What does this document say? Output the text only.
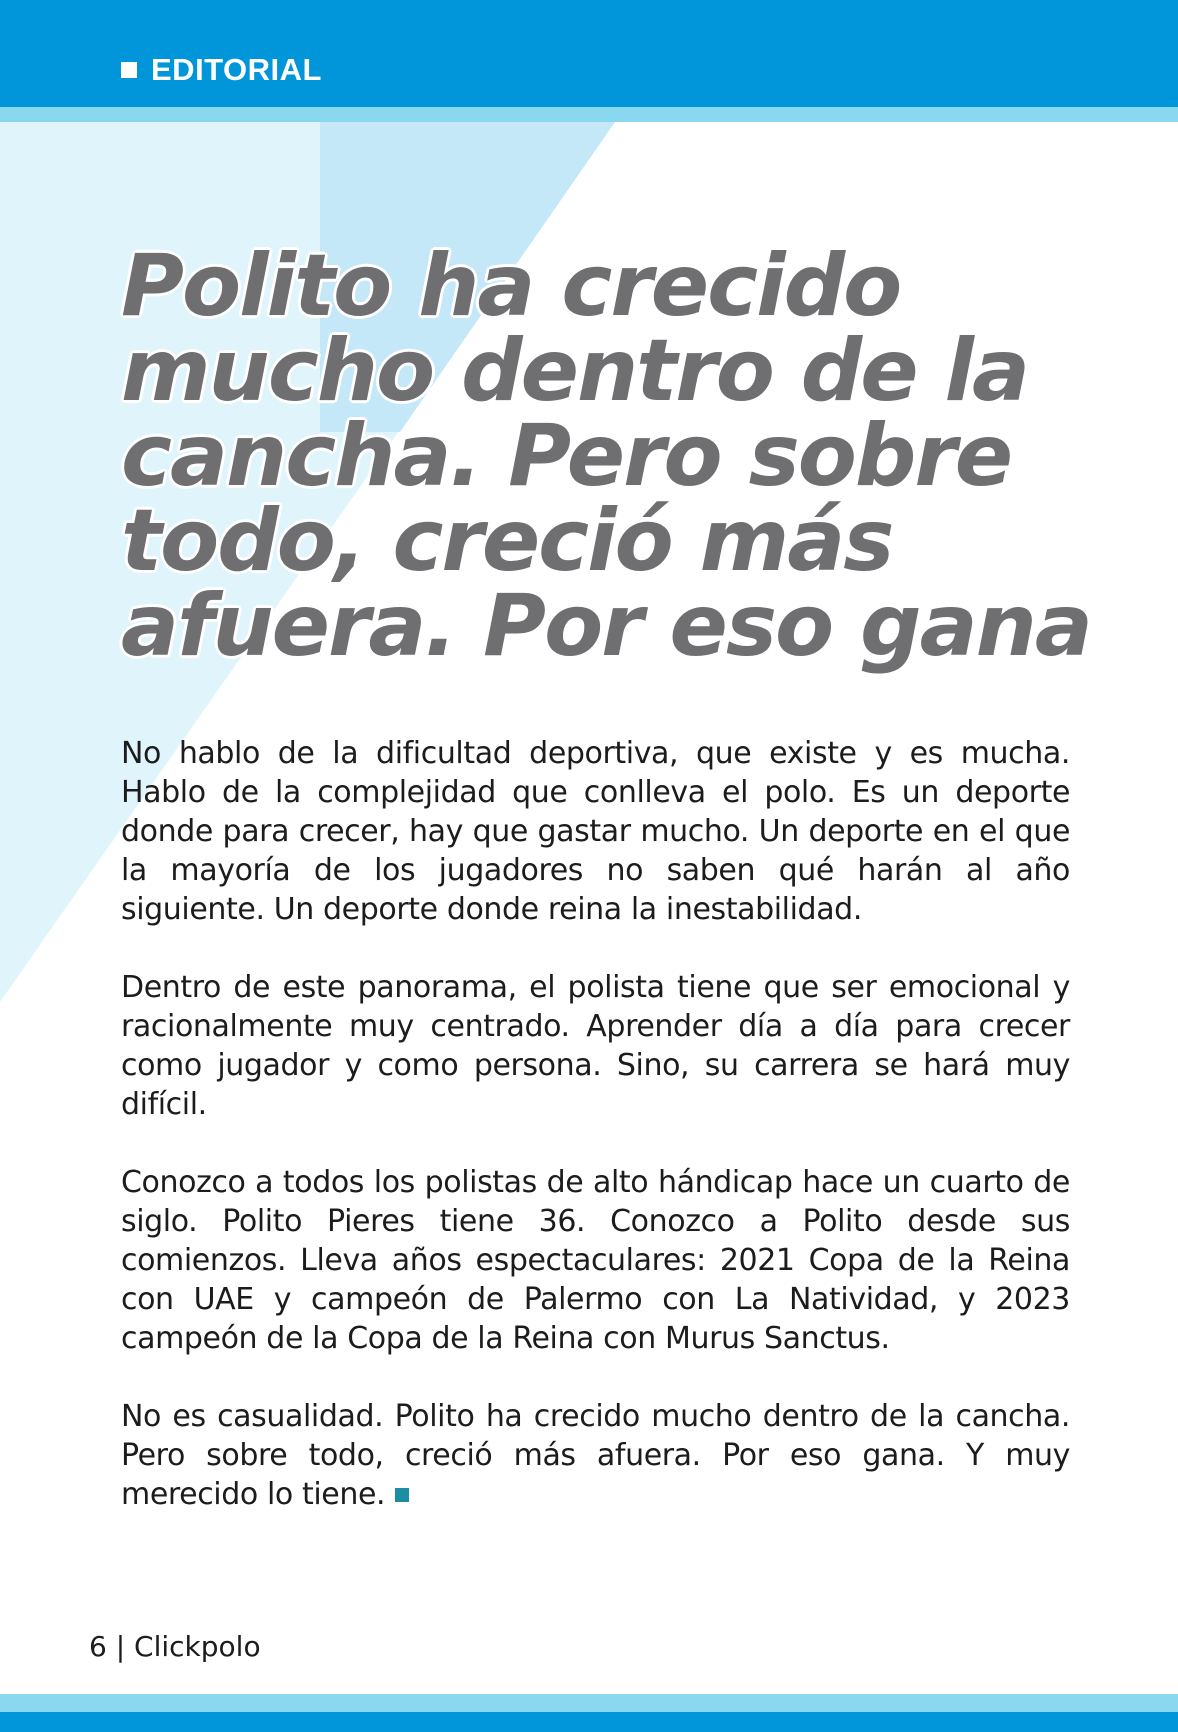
EDITORIAL
Polito ha crecido
mucho dentro de la
cancha. Pero sobre
todo, creció más
afuera. Por eso gana

No hablo de la dificultad deportiva, que existe y es mucha. Hablo de la complejidad que conlleva el polo. Es un deporte donde para crecer, hay que gastar mucho. Un deporte en el que la mayoría de los jugadores no saben qué harán al año siguiente. Un deporte donde reina la inestabilidad.

Dentro de este panorama, el polista tiene que ser emocional y racionalmente muy centrado. Aprender día a día para crecer como jugador y como persona. Sino, su carrera se hará muy difícil.

Conozco a todos los polistas de alto hándicap hace un cuarto de siglo. Polito Pieres tiene 36. Conozco a Polito desde sus comienzos. Lleva años espectaculares: 2021 Copa de la Reina con UAE y campeón de Palermo con La Natividad, y 2023 campeón de la Copa de la Reina con Murus Sanctus.

No es casualidad. Polito ha crecido mucho dentro de la cancha. Pero sobre todo, creció más afuera. Por eso gana. Y muy merecido lo tiene.

6 | Clickpolo
